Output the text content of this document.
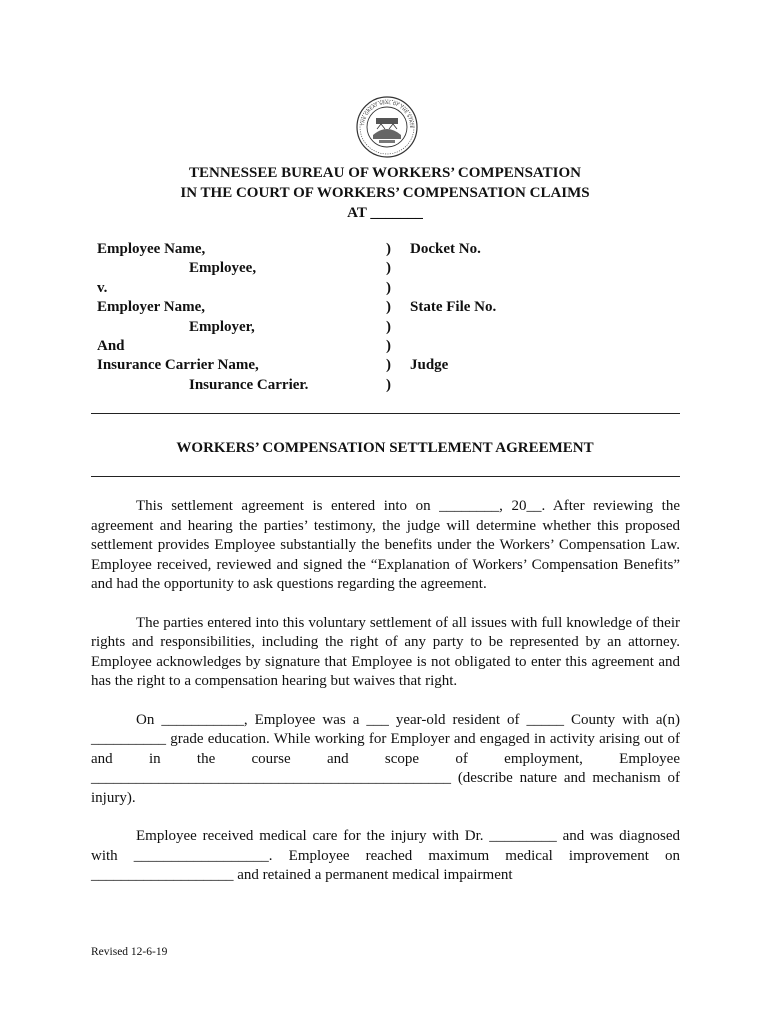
THE GREAT SEAL OF THE STATE
TENNESSEE BUREAU OF WORKERS’ COMPENSATION
IN THE COURT OF WORKERS’ COMPENSATION CLAIMS
AT _______
Employee Name,
Employee,
v.
Employer Name,
Employer,
And
Insurance Carrier Name,
Insurance Carrier.
)
)
)
)
)
)
)
)
Docket No.
State File No.
Judge
WORKERS’ COMPENSATION SETTLEMENT AGREEMENT

This settlement agreement is entered into on ________, 20__. After reviewing the agreement and hearing the parties’ testimony, the judge will determine whether this proposed settlement provides Employee substantially the benefits under the Workers’ Compensation Law. Employee received, reviewed and signed the “Explanation of Workers’ Compensation Benefits” and had the opportunity to ask questions regarding the agreement.

The parties entered into this voluntary settlement of all issues with full knowledge of their rights and responsibilities, including the right of any party to be represented by an attorney. Employee acknowledges by signature that Employee is not obligated to enter this agreement and has the right to a compensation hearing but waives that right.

On ___________, Employee was a ___ year-old resident of _____ County with a(n) __________ grade education. While working for Employer and engaged in activity arising out of and in the course and scope of employment, Employee ________________________________________________ (describe nature and mechanism of injury).

Employee received medical care for the injury with Dr. _________ and was diagnosed with __________________. Employee reached maximum medical improvement on ___________________ and retained a permanent medical impairment

Revised 12-6-19
